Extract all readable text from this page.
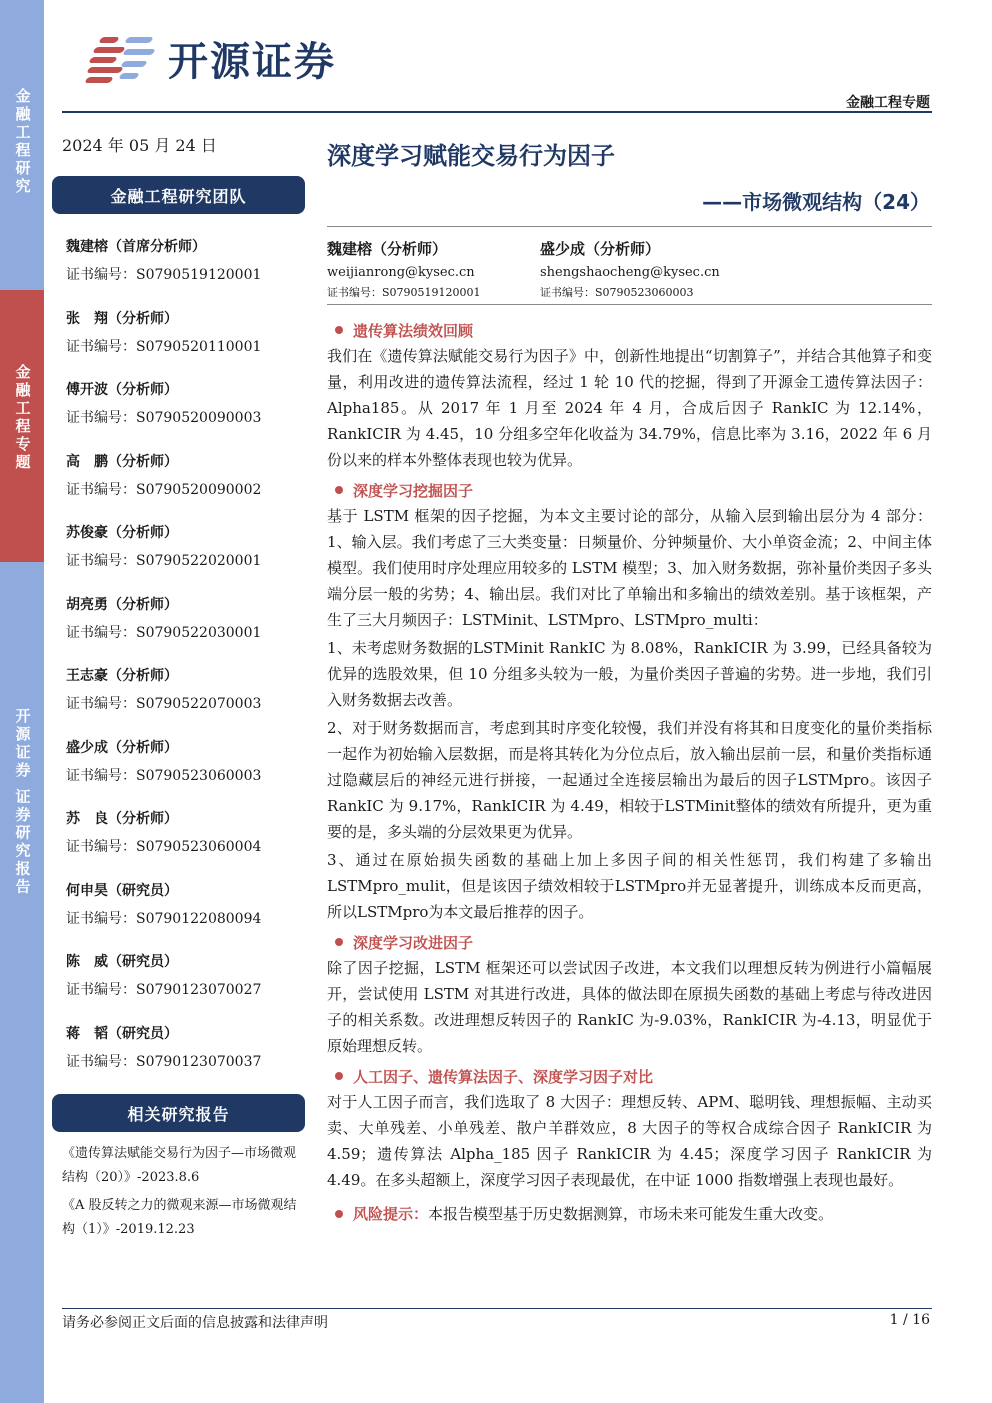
金融工程研究
金融工程专题
开源证券 证券研究报告
开源证券
金融工程专题
2024 年 05 月 24 日	深度学习赋能交易行为因子
——市场微观结构（24）
金融工程研究团队
魏建榕（首席分析师）
证书编号：S0790519120001
张　翔（分析师）
证书编号：S0790520110001
傅开波（分析师）
证书编号：S0790520090003
高　鹏（分析师）
证书编号：S0790520090002
苏俊豪（分析师）
证书编号：S0790522020001
胡亮勇（分析师）
证书编号：S0790522030001
王志豪（分析师）
证书编号：S0790522070003
盛少成（分析师）
证书编号：S0790523060003
苏　良（分析师）
证书编号：S0790523060004
何申昊（研究员）
证书编号：S0790122080094
陈　威（研究员）
证书编号：S0790123070027
蒋　韬（研究员）
证书编号：S0790123070037
相关研究报告

《遗传算法赋能交易行为因子—市场微观结构（20）》-2023.8.6

《A 股反转之力的微观来源—市场微观结构（1）》-2019.12.23

魏建榕（分析师）
weijianrong@kysec.cn
证书编号：S0790519120001
盛少成（分析师）
shengshaocheng@kysec.cn
证书编号：S0790523060003
遗传算法绩效回顾

我们在《遗传算法赋能交易行为因子》中，创新性地提出“切割算子”，并结合其他算子和变量，利用改进的遗传算法流程，经过 1 轮 10 代的挖掘，得到了开源金工遗传算法因子：Alpha185。从 2017 年 1 月至 2024 年 4 月，合成后因子 RankIC 为 12.14%，RankICIR 为 4.45，10 分组多空年化收益为 34.79%，信息比率为 3.16，2022 年 6 月份以来的样本外整体表现也较为优异。

深度学习挖掘因子

基于 LSTM 框架的因子挖掘，为本文主要讨论的部分，从输入层到输出层分为 4 部分：1、输入层。我们考虑了三大类变量：日频量价、分钟频量价、大小单资金流；2、中间主体模型。我们使用时序处理应用较多的 LSTM 模型；3、加入财务数据，弥补量价类因子多头端分层一般的劣势；4、输出层。我们对比了单输出和多输出的绩效差别。基于该框架，产生了三大月频因子：LSTMinit、LSTMpro、LSTMpro_multi：

1、未考虑财务数据的LSTMinit RankIC 为 8.08%，RankICIR 为 3.99，已经具备较为优异的选股效果，但 10 分组多头较为一般，为量价类因子普遍的劣势。进一步地，我们引入财务数据去改善。

2、对于财务数据而言，考虑到其时序变化较慢，我们并没有将其和日度变化的量价类指标一起作为初始输入层数据，而是将其转化为分位点后，放入输出层前一层，和量价类指标通过隐藏层后的神经元进行拼接，一起通过全连接层输出为最后的因子LSTMpro。该因子 RankIC 为 9.17%，RankICIR 为 4.49，相较于LSTMinit整体的绩效有所提升，更为重要的是，多头端的分层效果更为优异。

3、通过在原始损失函数的基础上加上多因子间的相关性惩罚，我们构建了多输出LSTMpro_mulit，但是该因子绩效相较于LSTMpro并无显著提升，训练成本反而更高，所以LSTMpro为本文最后推荐的因子。

深度学习改进因子

除了因子挖掘，LSTM 框架还可以尝试因子改进，本文我们以理想反转为例进行小篇幅展开，尝试使用 LSTM 对其进行改进，具体的做法即在原损失函数的基础上考虑与待改进因子的相关系数。改进理想反转因子的 RankIC 为-9.03%，RankICIR 为-4.13，明显优于原始理想反转。

人工因子、遗传算法因子、深度学习因子对比

对于人工因子而言，我们选取了 8 大因子：理想反转、APM、聪明钱、理想振幅、主动买卖、大单残差、小单残差、散户羊群效应，8 大因子的等权合成综合因子 RankICIR 为 4.59；遗传算法 Alpha_185 因子 RankICIR 为 4.45；深度学习因子 RankICIR 为 4.49。在多头超额上，深度学习因子表现最优，在中证 1000 指数增强上表现也最好。

风险提示： 本报告模型基于历史数据测算，市场未来可能发生重大改变。
请务必参阅正文后面的信息披露和法律声明	1 / 16
